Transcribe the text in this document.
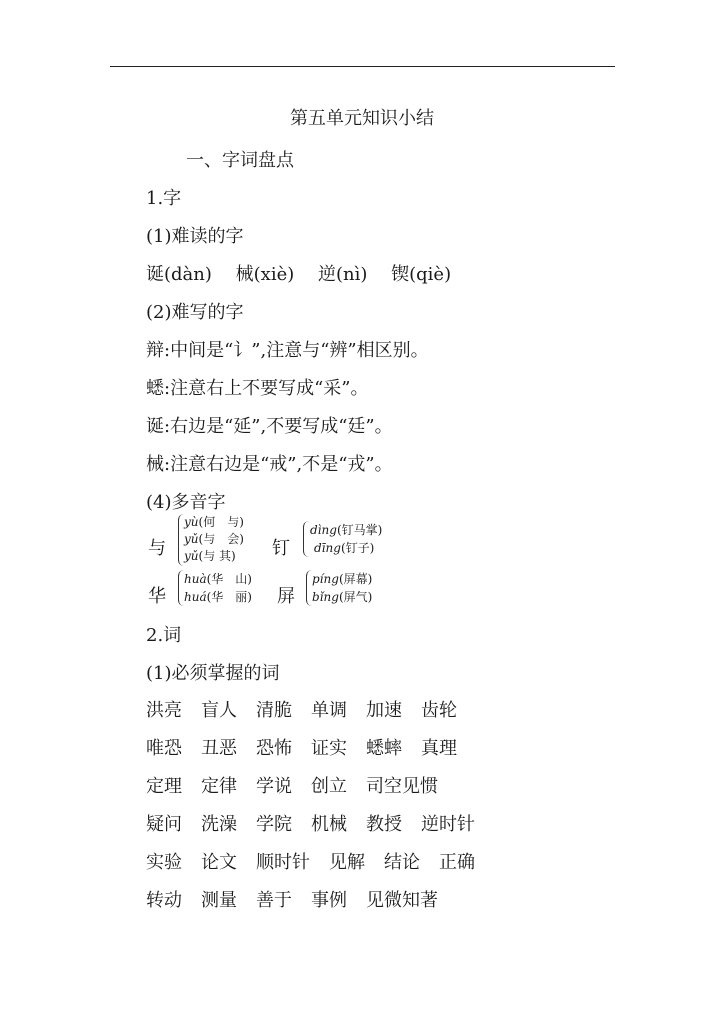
第五单元知识小结
一、字词盘点
1.字
(1)难读的字
诞(dàn) 械(xiè) 逆(nì) 锲(qiè)
(2)难写的字
辩:中间是“讠”,注意与“辨”相区别。
蟋:注意右上不要写成“采”。
诞:右边是“延”,不要写成“廷”。
械:注意右边是“戒”,不是“戎”。
(4)多音字
与
yù(何　与)
yǔ(与　会)
yǔ(与 其) 钉
dìng(钉马掌)
dīng(钉子)
华
huà(华　山)
huá(华　丽) 屏
píng(屏幕)
bǐng(屏气)
2.词
(1)必须掌握的词
洪亮 盲人 清脆 单调 加速 齿轮
唯恐 丑恶 恐怖 证实 蟋蟀 真理
定理 定律 学说 创立 司空见惯
疑问 洗澡 学院 机械 教授 逆时针
实验 论文 顺时针 见解 结论 正确
转动 测量 善于 事例 见微知著
